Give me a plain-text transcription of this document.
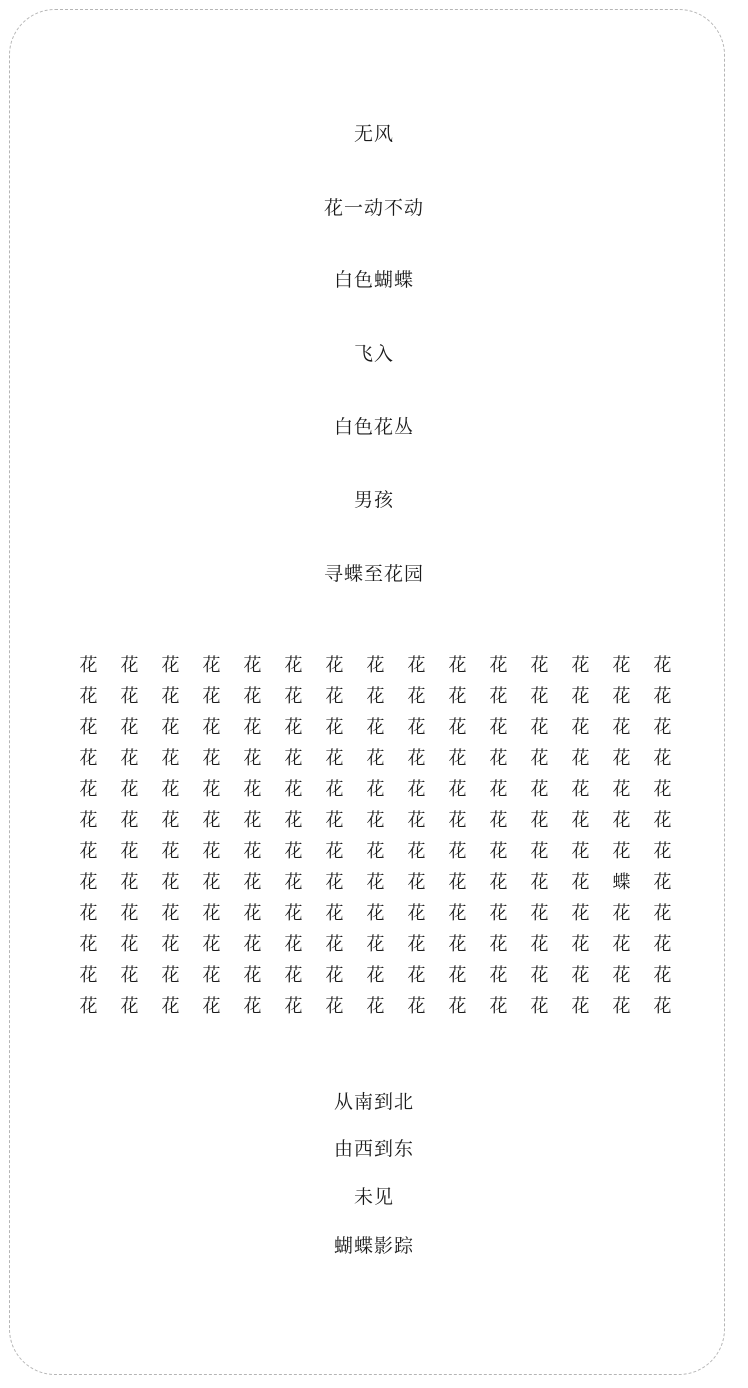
无风
花一动不动
白色蝴蝶
飞入
白色花丛
男孩
寻蝶至花园
花	花	花	花	花	花	花	花	花	花	花	花	花	花	花
花	花	花	花	花	花	花	花	花	花	花	花	花	花	花
花	花	花	花	花	花	花	花	花	花	花	花	花	花	花
花	花	花	花	花	花	花	花	花	花	花	花	花	花	花
花	花	花	花	花	花	花	花	花	花	花	花	花	花	花
花	花	花	花	花	花	花	花	花	花	花	花	花	花	花
花	花	花	花	花	花	花	花	花	花	花	花	花	花	花
花	花	花	花	花	花	花	花	花	花	花	花	花	蝶	花
花	花	花	花	花	花	花	花	花	花	花	花	花	花	花
花	花	花	花	花	花	花	花	花	花	花	花	花	花	花
花	花	花	花	花	花	花	花	花	花	花	花	花	花	花
花	花	花	花	花	花	花	花	花	花	花	花	花	花	花
从南到北
由西到东
未见
蝴蝶影踪
